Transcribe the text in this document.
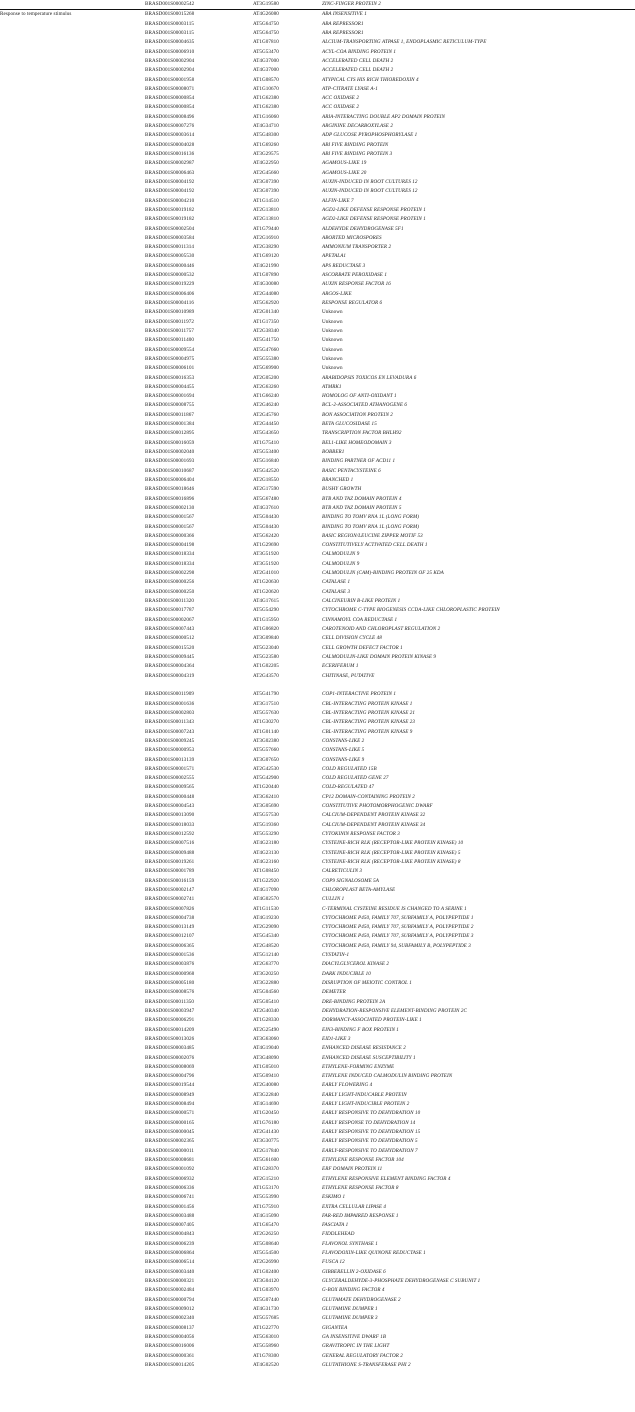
	BRASD001S00002542	AT3G19580	ZINC-FINGER PROTEIN 2
Response to temperature stimulus	BRASD001S00015268	AT4G26080	ABA INSENSITIVE 1
	BRASD001S00003115	AT5G64750	ABA REPRESSOR1
	BRASD001S00003115	AT5G64750	ABA REPRESSOR1
	BRASD001S00004635	AT1G07810	ALCIUM-TRANSPORTING ATPASE 1, ENDOPLASMIC RETICULUM-TYPE
	BRASD001S00006910	AT5G53470	ACYL-COA BINDING PROTEIN 1
	BRASD001S00002904	AT4G37000	ACCELERATED CELL DEATH 2
	BRASD001S00002904	AT4G37000	ACCELERATED CELL DEATH 2
	BRASD001S00001958	AT1G08570	ATYPICAL CYS HIS RICH THIOREDOXIN 4
	BRASD001S00008071	AT1G10670	ATP-CITRATE LYASE A-1
	BRASD001S00000854	AT1G62380	ACC OXIDASE 2
	BRASD001S00000854	AT1G62380	ACC OXIDASE 2
	BRASD001S00008496	AT1G16060	ARIA-INTERACTING DOUBLE AP2 DOMAIN PROTEIN
	BRASD001S00007276	AT4G34710	ARGININE DECARBOXYLASE 2
	BRASD001S00003614	AT5G48300	ADP GLUCOSE PYROPHOSPHORYLASE 1
	BRASD001S00004028	AT1G69260	ABI FIVE BINDING PROTEIN
	BRASD001S00016136	AT3G29575	ABI FIVE BINDING PROTEIN 3
	BRASD001S00002987	AT4G22950	AGAMOUS-LIKE 19
	BRASD001S00006463	AT2G45660	AGAMOUS-LIKE 20
	BRASD001S00004192	AT3G07390	AUXIN-INDUCED IN ROOT CULTURES 12
	BRASD001S00004192	AT3G07390	AUXIN-INDUCED IN ROOT CULTURES 12
	BRASD001S00004210	AT1G14510	ALFIN-LIKE 7
	BRASD001S00019182	AT2G13810	AGD2-LIKE DEFENSE RESPONSE PROTEIN 1
	BRASD001S00019182	AT2G13810	AGD2-LIKE DEFENSE RESPONSE PROTEIN 1
	BRASD001S00002504	AT1G79440	ALDEHYDE DEHYDROGENASE 5F1
	BRASD001S00003584	AT2G16910	ABORTED MICROSPORES
	BRASD001S00011314	AT2G38290	AMMONIUM TRANSPORTER 2
	BRASD001S00005530	AT1G69120	APETALA1
	BRASD001S00000446	AT4G21990	APS REDUCTASE 3
	BRASD001S00000532	AT1G07890	ASCORBATE PEROXIDASE 1
	BRASD001S00019229	AT4G30080	AUXIN RESPONSE FACTOR 16
	BRASD001S00006406	AT2G44080	ARGOS-LIKE
	BRASD001S00004116	AT5G62920	RESPONSE REGULATOR 6
	BRASD001S00010989	AT2G01340	Unknown
	BRASD001S00011972	AT1G17350	Unknown
	BRASD001S00011757	AT2G38340	Unknown
	BRASD001S00011400	AT5G41750	Unknown
	BRASD001S00009554	AT5G47660	Unknown
	BRASD001S00004975	AT5G55380	Unknown
	BRASD001S00006101	AT5G69900	Unknown
	BRASD001S00016353	AT2G05200	ARABIDOPSIS TOXICOS EN LEVADURA 6
	BRASD001S00004455	AT2G63260	ATMRK1
	BRASD001S00001694	AT1G66240	HOMOLOG OF ANTI-OXIDANT 1
	BRASD001S00008755	AT2G46240	BCL-2-ASSOCIATED ATHANOGENE 6
	BRASD001S00011867	AT2G45760	BON ASSOCIATION PROTEIN 2
	BRASD001S00001384	AT2G44450	BETA GLUCOSIDASE 15
	BRASD001S00012895	AT5G43650	TRANSCRIPTION FACTOR BHLH92
	BRASD001S00016059	AT1G75410	BEL1-LIKE HOMEODOMAIN 3
	BRASD001S00002040	AT5G53400	BOBBER1
	BRASD001S00001693	AT5G16840	BINDING PARTNER OF ACD11 1
	BRASD001S00010687	AT5G42520	BASIC PENTACYSTEINE 6
	BRASD001S00006404	AT2G18550	BRANCHED 1
	BRASD001S00018646	AT2G17590	BUSHY GROWTH
	BRASD001S00016896	AT5G67480	BTB AND TAZ DOMAIN PROTEIN 4
	BRASD001S00002130	AT4G37610	BTB AND TAZ DOMAIN PROTEIN 5
	BRASD001S00001567	AT5G04430	BINDING TO TOMV RNA 1L (LONG FORM)
	BRASD001S00001567	AT5G04430	BINDING TO TOMV RNA 1L (LONG FORM)
	BRASD001S00000366	AT5G62420	BASIC REGION/LEUCINE ZIPPER MOTIF 53
	BRASD001S00004198	AT1G29690	CONSTITUTIVELY ACTIVATED CELL DEATH 1
	BRASD001S00018334	AT3G51920	CALMODULIN 9
	BRASD001S00018334	AT3G51920	CALMODULIN 9
	BRASD001S00002298	AT2G41010	CALMODULIN (CAM)-BINDING PROTEIN OF 25 KDA
	BRASD001S00000256	AT1G20630	CATALASE 1
	BRASD001S00000250	AT1G20620	CATALASE 3
	BRASD001S00011320	AT4G17615	CALCINEURIN B-LIKE PROTEIN 1
	BRASD001S00017787	AT5G54290	CYTOCHROME C-TYPE BIOGENESIS CCDA-LIKE CHLOROPLASTIC PROTEIN
	BRASD001S00002067	AT1G15950	CINNAMOYL COA REDUCTASE 1
	BRASD001S00007443	AT1G06820	CAROTENOID AND CHLOROPLAST REGULATION 2
	BRASD001S00000512	AT3G09840	CELL DIVISION CYCLE 48
	BRASD001S00015520	AT5G23040	CELL GROWTH DEFECT FACTOR 1
	BRASD001S00009445	AT5G23580	CALMODULIN-LIKE DOMAIN PROTEIN KINASE 9
	BRASD001S00004364	AT1G02205	ECERIFERUM 1
	BRASD001S00004319	AT2G43570	CHITINASE, PUTATIVE

	BRASD001S00011909	AT5G41790	COP1-INTERACTIVE PROTEIN 1
	BRASD001S00001636	AT3G17510	CBL-INTERACTING PROTEIN KINASE 1
	BRASD001S00002803	AT5G57630	CBL-INTERACTING PROTEIN KINASE 21
	BRASD001S00011343	AT1G30270	CBL-INTERACTING PROTEIN KINASE 23
	BRASD001S00007243	AT1G01140	CBL-INTERACTING PROTEIN KINASE 9
	BRASD001S00009245	AT3G02380	CONSTANS-LIKE 2
	BRASD001S00000953	AT5G57660	CONSTANS-LIKE 5
	BRASD001S00013139	AT3G07650	CONSTANS-LIKE 9
	BRASD001S00001571	AT2G42530	COLD REGULATED 15B
	BRASD001S00002555	AT5G42900	COLD REGULATED GENE 27
	BRASD001S00009565	AT1G20440	COLD-REGULATED 47
	BRASD001S00000448	AT3G62410	CP12 DOMAIN-CONTAINING PROTEIN 2
	BRASD001S00004543	AT3G05690	CONSTITUTIVE PHOTOMORPHOGENIC DWARF
	BRASD001S00013090	AT5G57530	CALCIUM-DEPENDENT PROTEIN KINASE 32
	BRASD001S00018033	AT5G19360	CALCIUM-DEPENDENT PROTEIN KINASE 34
	BRASD001S00012592	AT5G53290	CYTOKININ RESPONSE FACTOR 3
	BRASD001S00007516	AT4G23180	CYSTEINE-RICH RLK (RECEPTOR-LIKE PROTEIN KINASE) 10
	BRASD001S00009488	AT4G23130	CYSTEINE-RICH RLK (RECEPTOR-LIKE PROTEIN KINASE) 5
	BRASD001S00019261	AT4G23160	CYSTEINE-RICH RLK (RECEPTOR-LIKE PROTEIN KINASE) 8
	BRASD001S00001789	AT1G08450	CALRETICULIN 3
	BRASD001S00016159	AT1G22920	COP9 SIGNALOSOME 5A
	BRASD001S00002147	AT4G17090	CHLOROPLAST BETA-AMYLASE
	BRASD001S00002741	AT4G02570	CULLIN 1
	BRASD001S00007826	AT1G11530	C-TERMINAL CYSTEINE RESIDUE IS CHANGED TO A SERINE 1
	BRASD001S00004738	AT4G19230	CYTOCHROME P450, FAMILY 707, SUBFAMILY A, POLYPEPTIDE 1
	BRASD001S00013149	AT2G29090	CYTOCHROME P450, FAMILY 707, SUBFAMILY A, POLYPEPTIDE 2
	BRASD001S00012107	AT5G45340	CYTOCHROME P450, FAMILY 707, SUBFAMILY A, POLYPEPTIDE 3
	BRASD001S00006365	AT2G48520	CYTOCHROME P450, FAMILY 94, SUBFAMILY B, POLYPEPTIDE 3
	BRASD001S00001536	AT5G12140	CYSTATIN-1
	BRASD001S00003876	AT2G63770	DIACYLGLYCEROL KINASE 2
	BRASD001S00000968	AT3G20250	DARK INDUCIBLE 10
	BRASD001S00005180	AT3G22880	DISRUPTION OF MEIOTIC CONTROL 1
	BRASD001S00008576	AT5G04560	DEMETER
	BRASD001S00011350	AT5G05410	DRE-BINDING PROTEIN 2A
	BRASD001S00003947	AT2G40340	DEHYDRATION-RESPONSIVE ELEMENT-BINDING PROTEIN 2C
	BRASD001S00006291	AT1G28330	DORMANCY-ASSOCIATED PROTEIN-LIKE 1
	BRASD001S00014209	AT2G25490	EIN3-BINDING F BOX PROTEIN 1
	BRASD001S00013026	AT3G63060	EID1-LIKE 3
	BRASD001S00003485	AT4G19040	ENHANCED DISEASE RESISTANCE 2
	BRASD001S00002076	AT3G48090	ENHANCED DISEASE SUSCEPTIBILITY 1
	BRASD001S00008069	AT1G05010	ETHYLENE-FORMING ENZYME
	BRASD001S00004796	AT5G09410	ETHYLENE INDUCED CALMODULIN BINDING PROTEIN
	BRASD001S00019544	AT2G40080	EARLY FLOWERING 4
	BRASD001S00008949	AT3G22840	EARLY LIGHT-INDUCABLE PROTEIN
	BRASD001S00008494	AT4G14690	EARLY LIGHT-INDUCIBLE PROTEIN 2
	BRASD001S00000571	AT1G20450	EARLY RESPONSIVE TO DEHYDRATION 10
	BRASD001S00000165	AT1G76180	EARLY RESPONSE TO DEHYDRATION 14
	BRASD001S00000045	AT2G41430	EARLY RESPONSIVE TO DEHYDRATION 15
	BRASD001S00002365	AT3G30775	EARLY RESPONSIVE TO DEHYDRATION 5
	BRASD001S00000011	AT2G17840	EARLY-RESPONSIVE TO DEHYDRATION 7
	BRASD001S00008681	AT5G61600	ETHYLENE RESPONSE FACTOR 104
	BRASD001S00001092	AT1G28370	ERF DOMAIN PROTEIN 11
	BRASD001S00006932	AT2G15210	ETHYLENE RESPONSIVE ELEMENT BINDING FACTOR 4
	BRASD001S00006336	AT1G53170	ETHYLENE RESPONSE FACTOR 8
	BRASD001S00006741	AT5G53990	ESKIMO 1
	BRASD001S00001456	AT1G75910	EXTRA CELLULAR LIPASE 4
	BRASD001S00003488	AT4G15090	FAR-RED IMPAIRED RESPONSE 1
	BRASD001S00007405	AT1G65470	FASCIATA 1
	BRASD001S00004843	AT2G26250	FIDDLEHEAD
	BRASD001S00006239	AT5G08640	FLAVONOL SYNTHASE 1
	BRASD001S00006864	AT5G54500	FLAVODOXIN-LIKE QUINONE REDUCTASE 1
	BRASD001S00006514	AT2G26990	FUSCA 12
	BRASD001S00003440	AT1G02400	GIBBERELLIN 2-OXIDASE 6
	BRASD001S00000321	AT3G04120	GLYCERALDEHYDE-3-PHOSPHATE DEHYDROGENASE C SUBUNIT 1
	BRASD001S00002484	AT1G03970	G-BOX BINDING FACTOR 4
	BRASD001S00000794	AT5G07440	GLUTAMATE DEHYDROGENASE 2
	BRASD001S00009012	AT4G31730	GLUTAMINE DUMPER 1
	BRASD001S00002340	AT5G57685	GLUTAMINE DUMPER 3
	BRASD001S00008137	AT1G22770	GIGANTEA
	BRASD001S00004056	AT5G63010	GA INSENSITIVE DWARF 1B
	BRASD001S00016006	AT5G58960	GRAVITROPIC IN THE LIGHT
	BRASD001S00000361	AT1G78300	GENERAL REGULATORY FACTOR 2
	BRASD001S00014205	AT4G02520	GLUTATHIONE S-TRANSFERASE PHI 2
